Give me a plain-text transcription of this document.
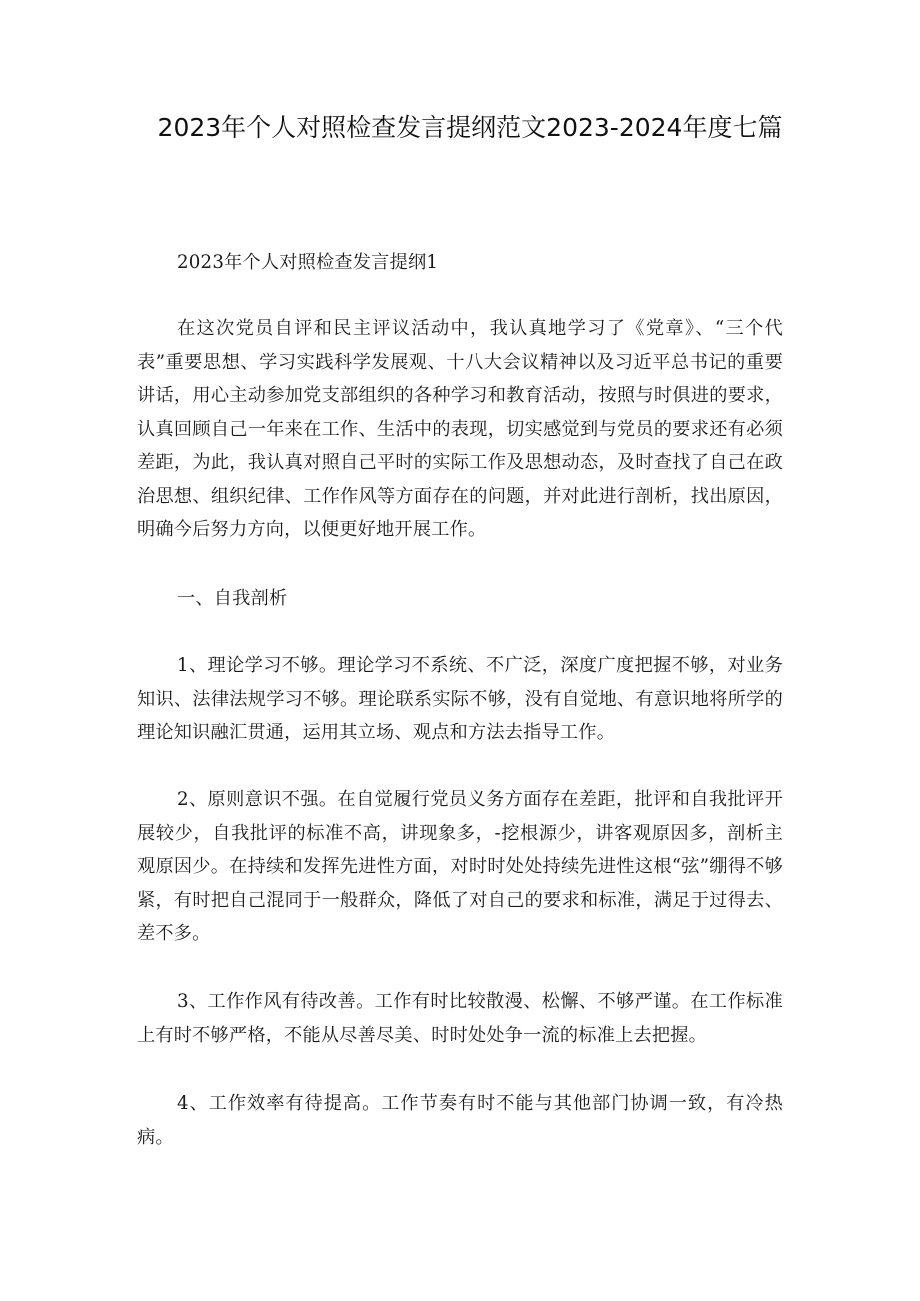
2023年个人对照检查发言提纲范文2023-2024年度七篇

2023年个人对照检查发言提纲1

在这次党员自评和民主评议活动中，我认真地学习了《党章》、“三个代表”重要思想、学习实践科学发展观、十八大会议精神以及习近平总书记的重要讲话，用心主动参加党支部组织的各种学习和教育活动，按照与时俱进的要求，认真回顾自己一年来在工作、生活中的表现，切实感觉到与党员的要求还有必须差距，为此，我认真对照自己平时的实际工作及思想动态，及时查找了自己在政治思想、组织纪律、工作作风等方面存在的问题，并对此进行剖析，找出原因，明确今后努力方向，以便更好地开展工作。

一、自我剖析

1、理论学习不够。理论学习不系统、不广泛，深度广度把握不够，对业务知识、法律法规学习不够。理论联系实际不够，没有自觉地、有意识地将所学的理论知识融汇贯通，运用其立场、观点和方法去指导工作。

2、原则意识不强。在自觉履行党员义务方面存在差距，批评和自我批评开展较少，自我批评的标准不高，讲现象多，-挖根源少，讲客观原因多，剖析主观原因少。在持续和发挥先进性方面，对时时处处持续先进性这根“弦”绷得不够紧，有时把自己混同于一般群众，降低了对自己的要求和标准，满足于过得去、差不多。

3、工作作风有待改善。工作有时比较散漫、松懈、不够严谨。在工作标准上有时不够严格，不能从尽善尽美、时时处处争一流的标准上去把握。

4、工作效率有待提高。工作节奏有时不能与其他部门协调一致，有冷热病。
